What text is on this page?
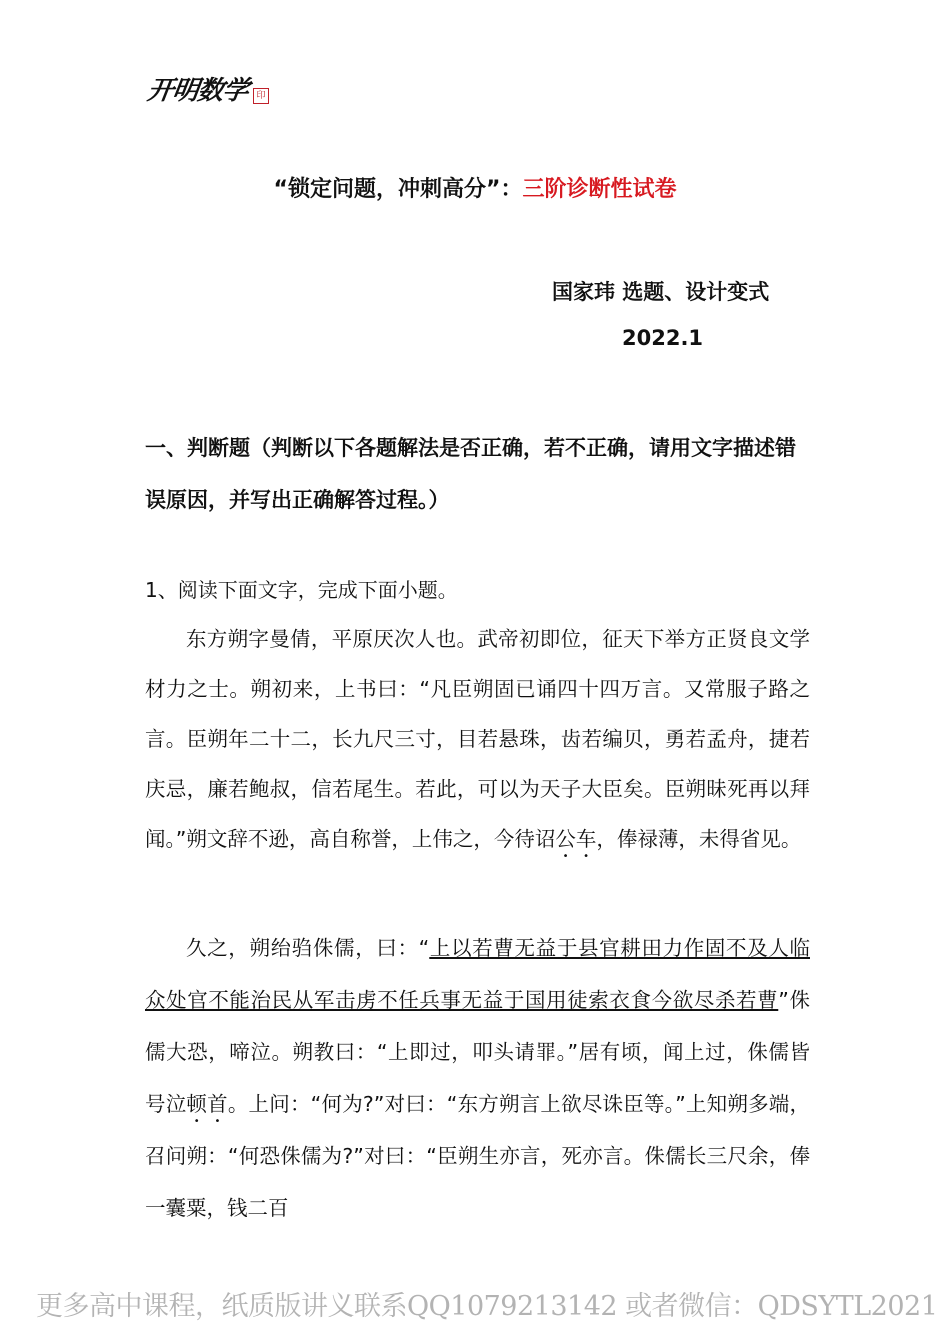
开明数学 印
“锁定问题，冲刺高分”：三阶诊断性试卷
国家玮 选题、设计变式
2022.1
一、判断题（判断以下各题解法是否正确，若不正确，请用文字描述错误原因，并写出正确解答过程。）
1、阅读下面文字，完成下面小题。
东方朔字曼倩，平原厌次人也。武帝初即位，征天下举方正贤良文学材力之士。朔初来，上书曰：“凡臣朔固已诵四十四万言。又常服子路之言。臣朔年二十二，长九尺三寸，目若悬珠，齿若编贝，勇若孟舟，捷若庆忌，廉若鲍叔，信若尾生。若此，可以为天子大臣矣。臣朔昧死再以拜闻。”朔文辞不逊，高自称誉，上伟之，今待诏公车，俸禄薄，未得省见。
久之，朔绐驺侏儒，曰：“上以若曹无益于县官耕田力作固不及人临众处官不能治民从军击虏不任兵事无益于国用徒索衣食今欲尽杀若曹”侏儒大恐，啼泣。朔教曰：“上即过，叩头请罪。”居有顷，闻上过，侏儒皆号泣顿首。上问：“何为?”对曰：“东方朔言上欲尽诛臣等。”上知朔多端，召问朔：“何恐侏儒为?”对曰：“臣朔生亦言，死亦言。侏儒长三尺余，俸一囊粟，钱二百
更多高中课程，纸质版讲义联系QQ1079213142 或者微信：QDSYTL2021
